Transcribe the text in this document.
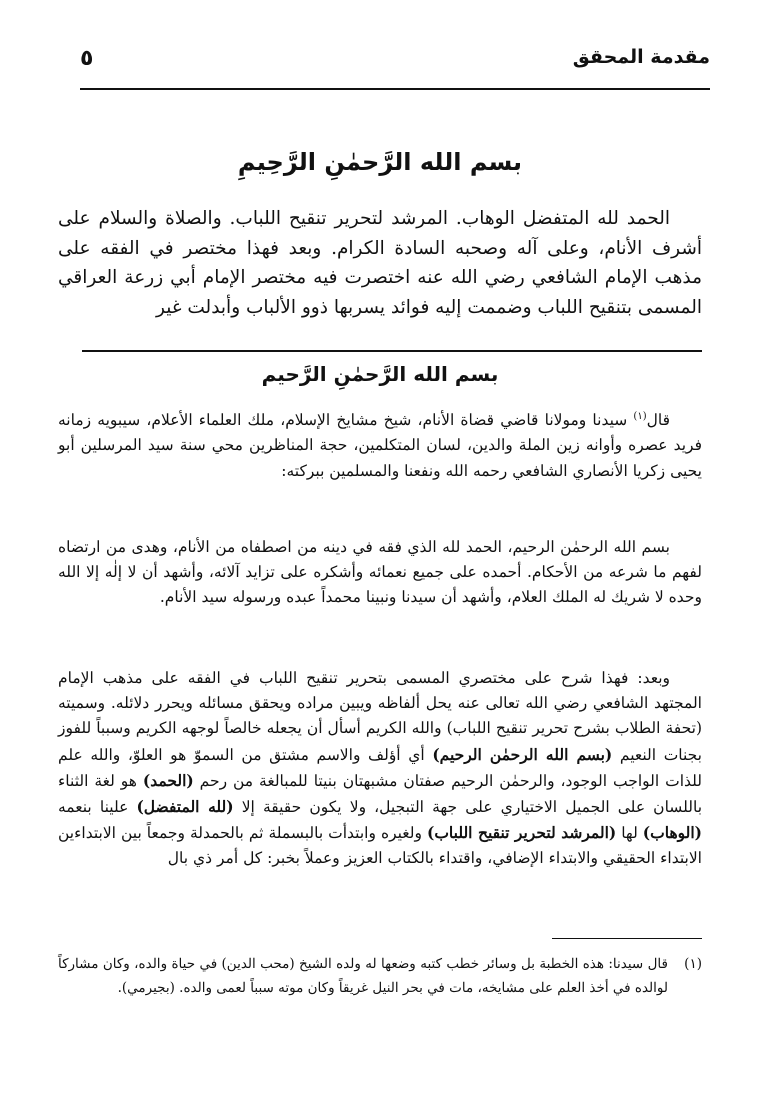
مقدمة المحقق
٥
بسم الله الرَّحمٰنِ الرَّحِيمِ

الحمد لله المتفضل الوهاب. المرشد لتحرير تنقيح اللباب. والصلاة والسلام على أشرف الأنام، وعلى آله وصحبه السادة الكرام. وبعد فهذا مختصر في الفقه على مذهب الإمام الشافعي رضي الله عنه اختصرت فيه مختصر الإمام أبي زرعة العراقي المسمى بتنقيح اللباب وضممت إليه فوائد يسربها ذوو الألباب وأبدلت غير

بسم الله الرَّحمٰنِ الرَّحيم

قال$^{(١)}$ سيدنا ومولانا قاضي قضاة الأنام، شيخ مشايخ الإسلام، ملك العلماء الأعلام، سيبويه زمانه فريد عصره وأوانه زين الملة والدين، لسان المتكلمين، حجة المناظرين محي سنة سيد المرسلين أبو يحيى زكريا الأنصاري الشافعي رحمه الله ونفعنا والمسلمين ببركته:

بسم الله الرحمٰن الرحيم، الحمد لله الذي فقه في دينه من اصطفاه من الأنام، وهدى من ارتضاه لفهم ما شرعه من الأحكام. أحمده على جميع نعمائه وأشكره على تزايد آلائه، وأشهد أن لا إلٰه إلا الله وحده لا شريك له الملك العلام، وأشهد أن سيدنا ونبينا محمداً عبده ورسوله سيد الأنام.

وبعد: فهذا شرح على مختصري المسمى بتحرير تنقيح اللباب في الفقه على مذهب الإمام المجتهد الشافعي رضي الله تعالى عنه يحل ألفاظه ويبين مراده ويحقق مسائله ويحرر دلائله. وسميته (تحفة الطلاب بشرح تحرير تنقيح اللباب) والله الكريم أسأل أن يجعله خالصاً لوجهه الكريم وسبباً للفوز بجنات النعيم (بسم الله الرحمٰن الرحيم) أي أؤلف والاسم مشتق من السموّ هو العلوّ، والله علم للذات الواجب الوجود، والرحمٰن الرحيم صفتان مشبهتان بنيتا للمبالغة من رحم (الحمد) هو لغة الثناء باللسان على الجميل الاختياري على جهة التبجيل، ولا يكون حقيقة إلا (لله المتفضل) علينا بنعمه (الوهاب) لها (المرشد لتحرير تنقيح اللباب) ولغيره وابتدأت بالبسملة ثم بالحمدلة وجمعاً بين الابتداءين الابتداء الحقيقي والابتداء الإضافي، واقتداء بالكتاب العزيز وعملاً بخبر: كل أمر ذي بال

(١)
قال سيدنا: هذه الخطبة بل وسائر خطب كتبه وضعها له ولده الشيخ (محب الدين) في حياة والده، وكان مشاركاً لوالده في أخذ العلم على مشايخه، مات في بحر النيل غريقاً وكان موته سبباً لعمى والده. (بجيرمي).
